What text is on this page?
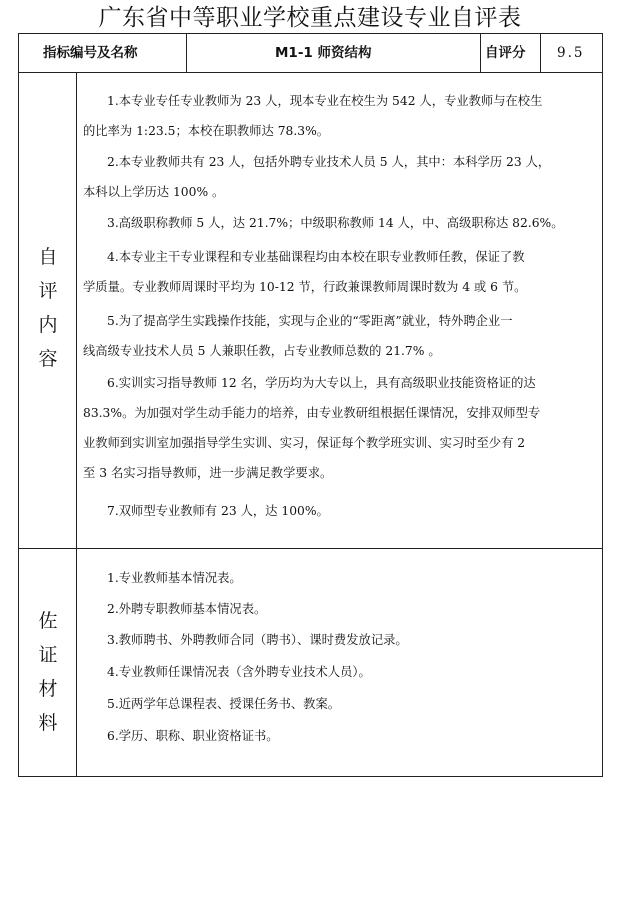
广东省中等职业学校重点建设专业自评表
指标编号及名称	M1-1 师资结构	自评分 9.5
自
评
内
容
佐
证
材
料
1.本专业专任专业教师为 23 人，现本专业在校生为 542 人，专业教师与在校生
的比率为 1:23.5；本校在职教师达 78.3%。
2.本专业教师共有 23 人，包括外聘专业技术人员 5 人，其中：本科学历 23 人，
本科以上学历达 100% 。
3.高级职称教师 5 人，达 21.7%；中级职称教师 14 人，中、高级职称达 82.6%。
4.本专业主干专业课程和专业基础课程均由本校在职专业教师任教，保证了教
学质量。专业教师周课时平均为 10-12 节，行政兼课教师周课时数为 4 或 6 节。
5.为了提高学生实践操作技能，实现与企业的“零距离”就业，特外聘企业一
线高级专业技术人员 5 人兼职任教，占专业教师总数的 21.7% 。
6.实训实习指导教师 12 名，学历均为大专以上，具有高级职业技能资格证的达
83.3%。为加强对学生动手能力的培养，由专业教研组根据任课情况，安排双师型专
业教师到实训室加强指导学生实训、实习，保证每个教学班实训、实习时至少有 2
至 3 名实习指导教师，进一步满足教学要求。
7.双师型专业教师有 23 人，达 100%。
1.专业教师基本情况表。
2.外聘专职教师基本情况表。
3.教师聘书、外聘教师合同（聘书）、课时费发放记录。
4.专业教师任课情况表（含外聘专业技术人员）。
5.近两学年总课程表、授课任务书、教案。
6.学历、职称、职业资格证书。
